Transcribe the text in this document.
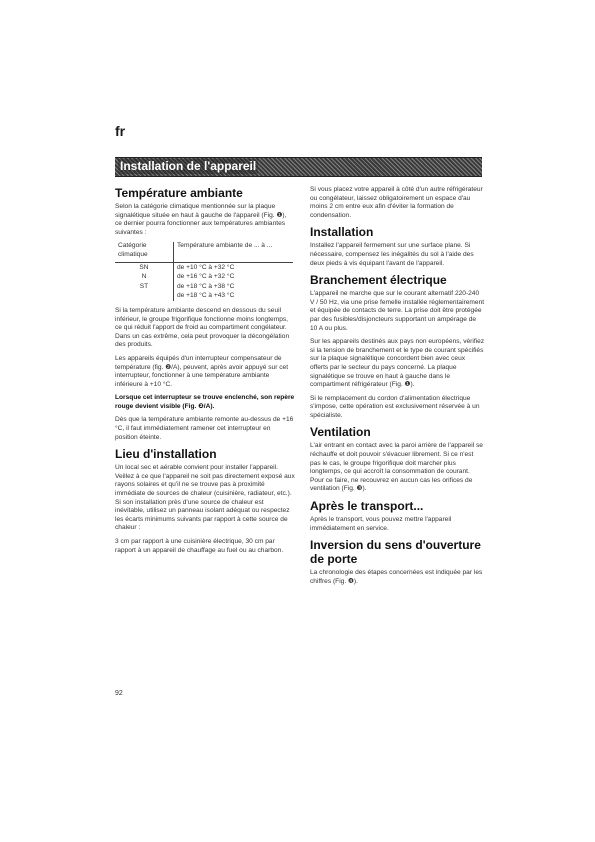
fr
Installation de l'appareil
Température ambiante

Selon la catégorie climatique mentionnée sur la plaque signalétique située en haut à gauche de l'appareil (Fig. ❶), ce dernier pourra fonctionner aux températures ambiantes suivantes :

Catégorie climatique	Température ambiante de ... à ...
SN	de +10 °C à +32 °C
N	de +16 °C à +32 °C
ST	de +18 °C à +38 °C
	de +18 °C à +43 °C

Si la température ambiante descend en dessous du seuil inférieur, le groupe frigorifique fonctionne moins longtemps, ce qui réduit l'apport de froid au compartiment congélateur. Dans un cas extrême, cela peut provoquer la décongélation des produits.

Les appareils équipés d'un interrupteur compensateur de température (fig. ❷/A), peuvent, après avoir appuyé sur cet interrupteur, fonctionner à une température ambiante inférieure à +10 °C.

Lorsque cet interrupteur se trouve enclenché, son repère rouge devient visible (Fig. ❷/A).

Dès que la température ambiante remonte au-dessus de +16 °C, il faut immédiatement ramener cet interrupteur en position éteinte.

Lieu d'installation

Un local sec et aérable convient pour installer l'appareil. Veillez à ce que l'appareil ne soit pas directement exposé aux rayons solaires et qu'il ne se trouve pas à proximité immédiate de sources de chaleur (cuisinière, radiateur, etc.). Si son installation près d'une source de chaleur est inévitable, utilisez un panneau isolant adéquat ou respectez les écarts minimums suivants par rapport à cette source de chaleur :

3 cm par rapport à une cuisinière électrique, 30 cm par rapport à un appareil de chauffage au fuel ou au charbon.

Si vous placez votre appareil à côté d'un autre réfrigérateur ou congélateur, laissez obligatoirement un espace d'au moins 2 cm entre eux afin d'éviter la formation de condensation.

Installation

Installez l'appareil fermement sur une surface plane. Si nécessaire, compensez les inégalités du sol à l'aide des deux pieds à vis équipant l'avant de l'appareil.

Branchement électrique

L'appareil ne marche que sur le courant alternatif 220-240 V / 50 Hz, via une prise femelle installée réglementairement et équipée de contacts de terre. La prise doit être protégée par des fusibles/disjoncteurs supportant un ampérage de 10 A ou plus.

Sur les appareils destinés aux pays non européens, vérifiez si la tension de branchement et le type de courant spécifiés sur la plaque signalétique concordent bien avec ceux offerts par le secteur du pays concerné. La plaque signalétique se trouve en haut à gauche dans le compartiment réfrigérateur (Fig. ❶).

Si le remplacement du cordon d'alimentation électrique s'impose, cette opération est exclusivement réservée à un spécialiste.

Ventilation

L'air entrant en contact avec la paroi arrière de l'appareil se réchauffe et doit pouvoir s'évacuer librement. Si ce n'est pas le cas, le groupe frigorifique doit marcher plus longtemps, ce qui accroît la consommation de courant. Pour ce faire, ne recouvrez en aucun cas les orifices de ventilation (Fig. ❸).

Après le transport...

Après le transport, vous pouvez mettre l'appareil immédiatement en service.

Inversion du sens d'ouverture de porte

La chronologie des étapes concernées est indiquée par les chiffres (Fig. ❹).

92
